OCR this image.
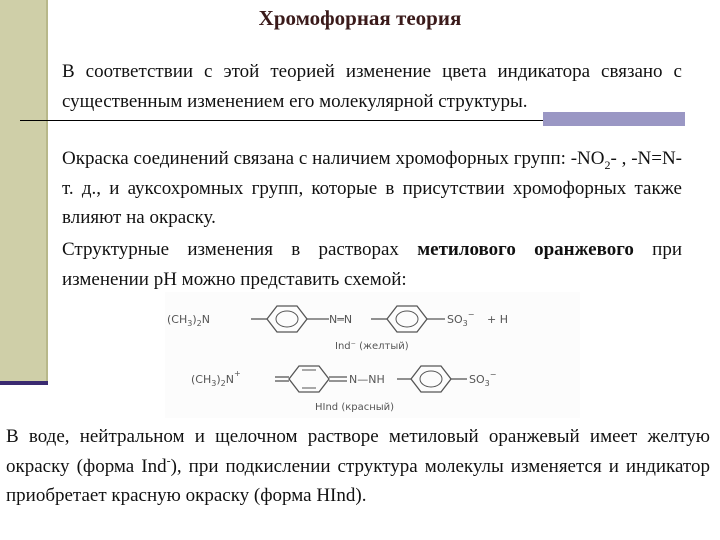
Хромофорная теория

В соответствии с этой теорией изменение цвета индикатора связано с существенным изменением его молекулярной структуры.

Окраска соединений связана с наличием хромофорных групп: $-NO_2-$ , -N=N- т. д., и ауксохромных групп, которые в присутствии хромофорных также влияют на окраску.

Структурные изменения в растворах метилового оранжевого при изменении рН можно представить схемой:

$(CH_3)_2N$	N═N	$SO_3^- + H$
Ind⁻ (желтый)
$(CH_3)_2N^+$	N—NH	$SO_3^-$
HInd (красный)

В воде, нейтральном и щелочном растворе метиловый оранжевый имеет желтую окраску (форма Ind-), при подкислении структура молекулы изменяется и индикатор приобретает красную окраску (форма HInd).
